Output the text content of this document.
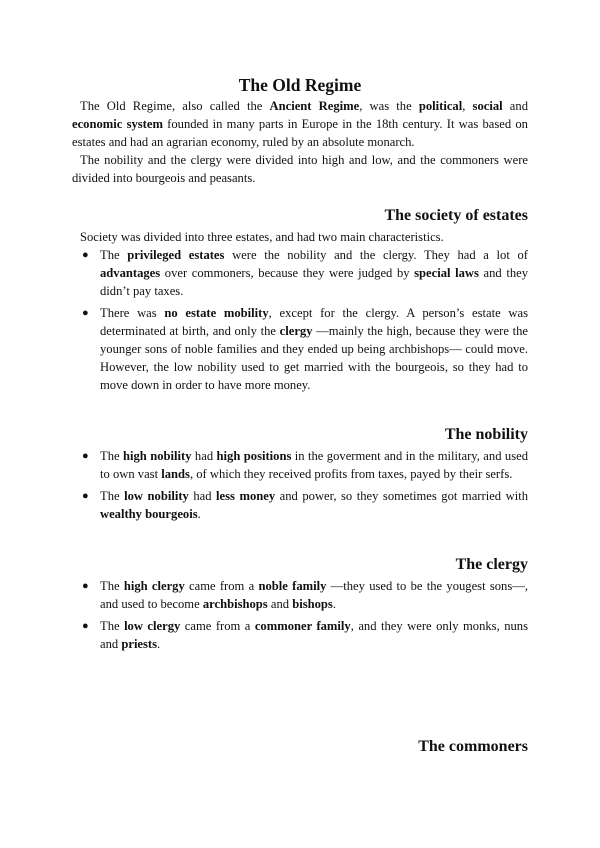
The Old Regime

The Old Regime, also called the Ancient Regime, was the political, social and economic system founded in many parts in Europe in the 18th century. It was based on estates and had an agrarian economy, ruled by an absolute monarch.

The nobility and the clergy were divided into high and low, and the commoners were divided into bourgeois and peasants.

The society of estates

Society was divided into three estates, and had two main characteristics.

● The privileged estates were the nobility and the clergy. They had a lot of advantages over commoners, because they were judged by special laws and they didn’t pay taxes.
● There was no estate mobility, except for the clergy. A person’s estate was determinated at birth, and only the clergy —mainly the high, because they were the younger sons of noble families and they ended up being archbishops— could move. However, the low nobility used to get married with the bourgeois, so they had to move down in order to have more money.
The nobility
● The high nobility had high positions in the goverment and in the military, and used to own vast lands, of which they received profits from taxes, payed by their serfs.
● The low nobility had less money and power, so they sometimes got married with wealthy bourgeois.
The clergy
● The high clergy came from a noble family —they used to be the yougest sons—, and used to become archbishops and bishops.
● The low clergy came from a commoner family, and they were only monks, nuns and priests.
The commoners
